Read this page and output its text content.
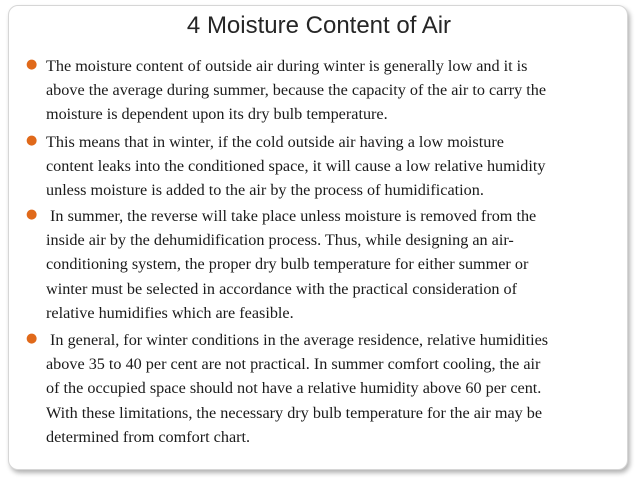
4 Moisture Content of Air
● The moisture content of outside air during winter is generally low and it is
above the average during summer, because the capacity of the air to carry the
moisture is dependent upon its dry bulb temperature.
● This means that in winter, if the cold outside air having a low moisture
content leaks into the conditioned space, it will cause a low relative humidity
unless moisture is added to the air by the process of humidification.
● In summer, the reverse will take place unless moisture is removed from the
inside air by the dehumidification process. Thus, while designing an air-
conditioning system, the proper dry bulb temperature for either summer or
winter must be selected in accordance with the practical consideration of
relative humidifies which are feasible.
● In general, for winter conditions in the average residence, relative humidities
above 35 to 40 per cent are not practical. In summer comfort cooling, the air
of the occupied space should not have a relative humidity above 60 per cent.
With these limitations, the necessary dry bulb temperature for the air may be
determined from comfort chart.
